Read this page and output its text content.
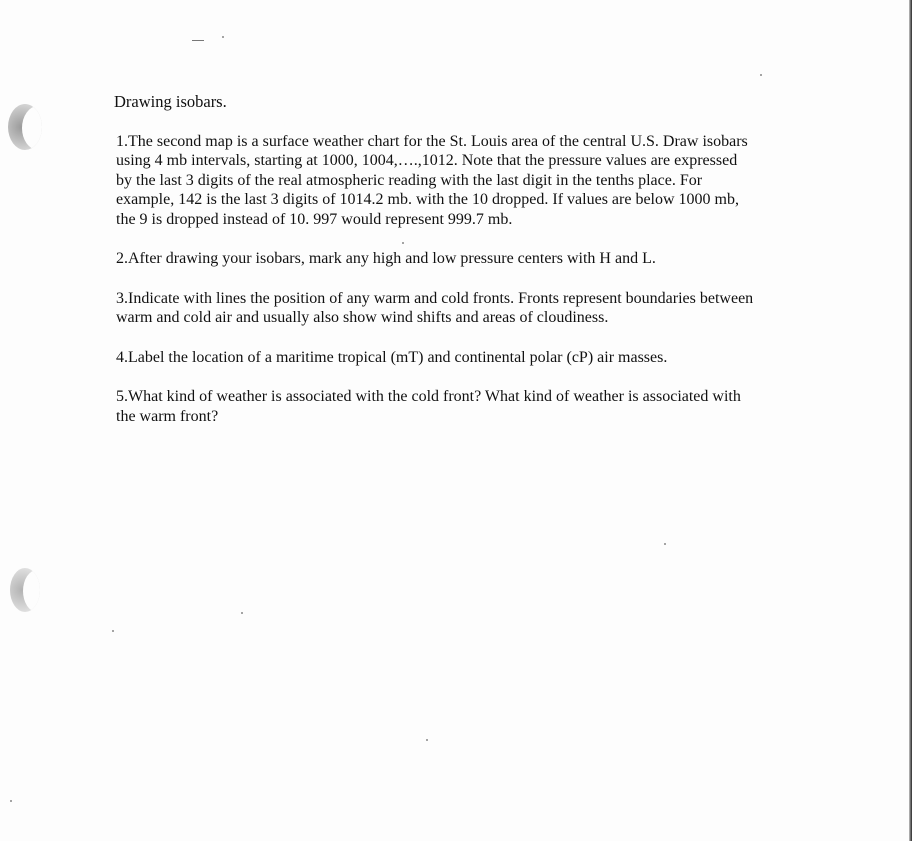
Drawing isobars.
1.The second map is a surface weather chart for the St. Louis area of the central U.S. Draw isobars using 4 mb intervals, starting at 1000, 1004,….,1012. Note that the pressure values are expressed by the last 3 digits of the real atmospheric reading with the last digit in the tenths place. For example, 142 is the last 3 digits of 1014.2 mb. with the 10 dropped. If values are below 1000 mb, the 9 is dropped instead of 10. 997 would represent 999.7 mb.
2.After drawing your isobars, mark any high and low pressure centers with H and L.
3.Indicate with lines the position of any warm and cold fronts. Fronts represent boundaries between warm and cold air and usually also show wind shifts and areas of cloudiness.
4.Label the location of a maritime tropical (mT) and continental polar (cP) air masses.
5.What kind of weather is associated with the cold front? What kind of weather is associated with the warm front?
